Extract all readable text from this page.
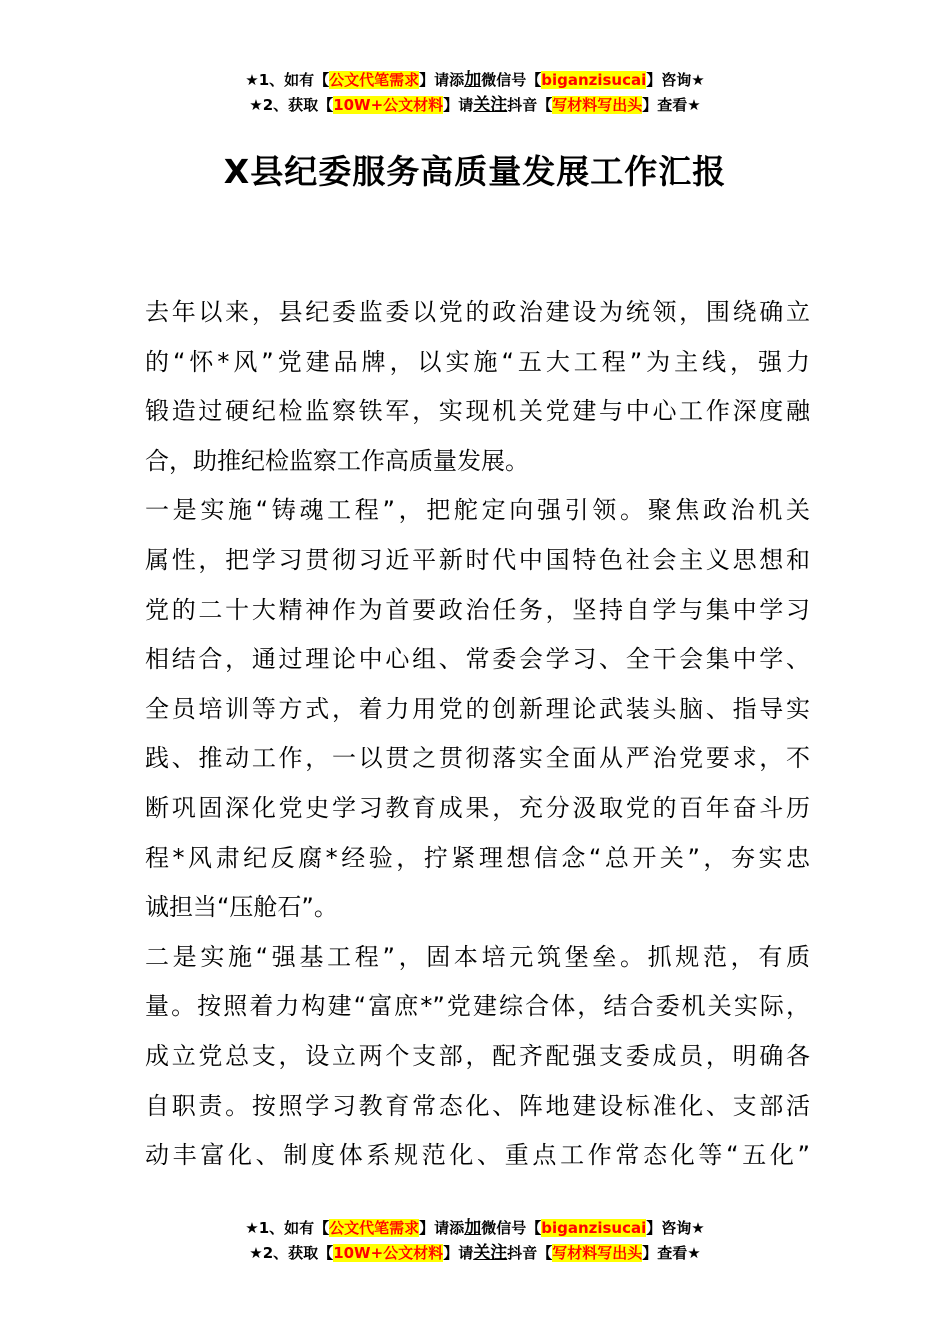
★1、如有【公文代笔需求】请添加微信号【biganzisucai】咨询★
★2、获取【10W+公文材料】请关注抖音【写材料写出头】查看★
X县纪委服务高质量发展工作汇报
去年以来，县纪委监委以党的政治建设为统领，围绕确立
的“怀*风”党建品牌，以实施“五大工程”为主线，强力
锻造过硬纪检监察铁军，实现机关党建与中心工作深度融
合，助推纪检监察工作高质量发展。
一是实施“铸魂工程”，把舵定向强引领。聚焦政治机关
属性，把学习贯彻习近平新时代中国特色社会主义思想和
党的二十大精神作为首要政治任务，坚持自学与集中学习
相结合，通过理论中心组、常委会学习、全干会集中学、
全员培训等方式，着力用党的创新理论武装头脑、指导实
践、推动工作，一以贯之贯彻落实全面从严治党要求，不
断巩固深化党史学习教育成果，充分汲取党的百年奋斗历
程*风肃纪反腐*经验，拧紧理想信念“总开关”，夯实忠
诚担当“压舱石”。
二是实施“强基工程”，固本培元筑堡垒。抓规范，有质
量。按照着力构建“富庶*”党建综合体，结合委机关实际，
成立党总支，设立两个支部，配齐配强支委成员，明确各
自职责。按照学习教育常态化、阵地建设标准化、支部活
动丰富化、制度体系规范化、重点工作常态化等“五化”
★1、如有【公文代笔需求】请添加微信号【biganzisucai】咨询★
★2、获取【10W+公文材料】请关注抖音【写材料写出头】查看★
